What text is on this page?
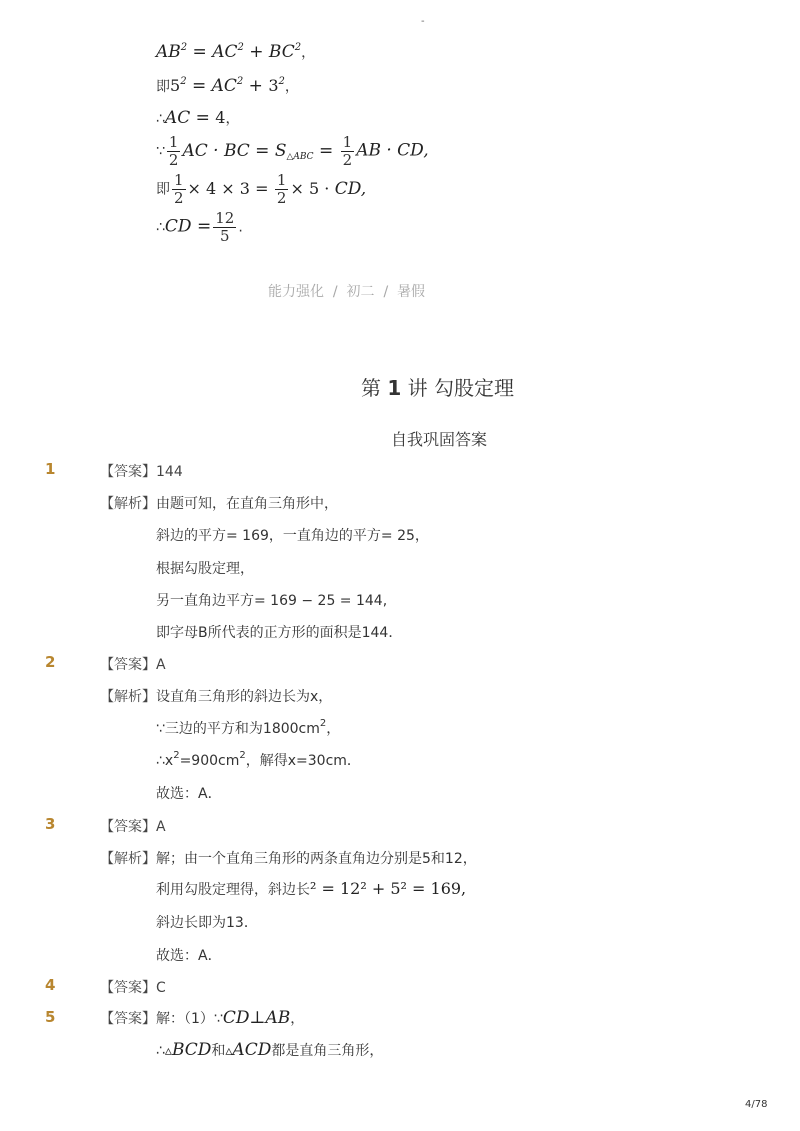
-
$AB^2 = AC^2 + BC^2$，
即$5^2 = AC^2 + 3^2$，
∴AC = 4，
∵ $\frac{1}{2}$ AC · BC = $S_{\triangle ABC} = \frac{1}{2}$ AB · CD,
即 $\frac{1}{2} \times 4 \times 3 = \frac{1}{2} \times 5$ · CD,
∴CD = $\frac{12}{5}$ .
能力强化 / 初二 / 暑假
第 1 讲 勾股定理
自我巩固答案
1	【答案】144
【解析】由题可知，在直角三角形中，
斜边的平方= 169，一直角边的平方= 25，
根据勾股定理，
另一直角边平方= 169 − 25 = 144,
即字母B所代表的正方形的面积是144．
2	【答案】A
【解析】设直角三角形的斜边长为x，
∵三边的平方和为$1800cm^2$，
$\therefore x^2=900cm^2$，解得x=30cm．
故选：A．
3	【答案】A
【解析】解；由一个直角三角形的两条直角边分别是5和12，
利用勾股定理得，斜边长² = 12² + 5² = 169,
斜边长即为13．
故选：A．
4	【答案】C
5	【答案】解：（1）∵CD⊥AB，
∴▵BCD和▵ACD都是直角三角形，
4/78
